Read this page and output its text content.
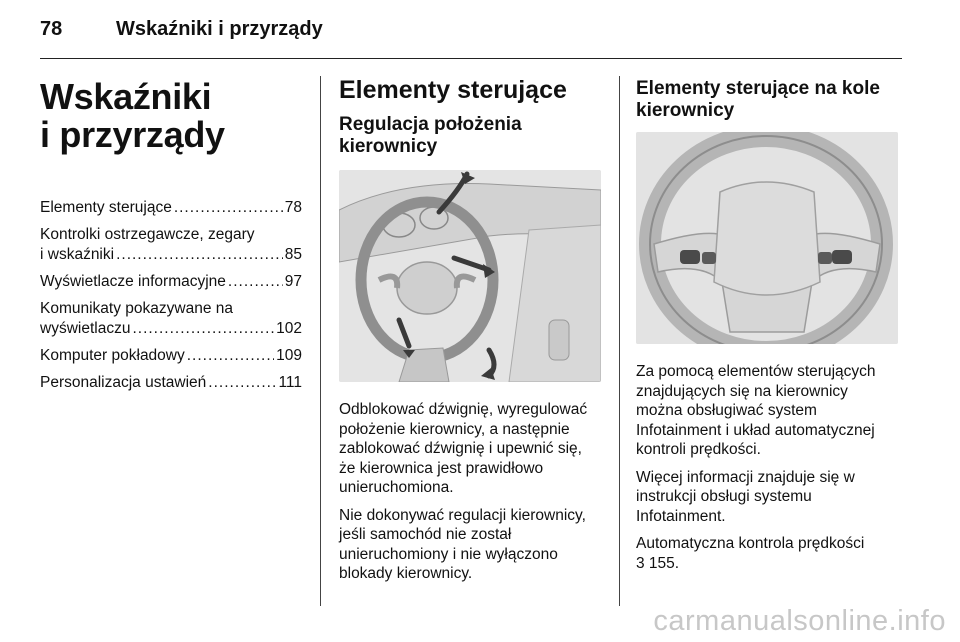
78	Wskaźniki i przyrządy
Wskaźniki
i przyrządy
Elementy sterujące .....	78
Kontrolki ostrzegawcze, zegary
i wskaźniki .....	85
Wyświetlacze informacyjne .....	97
Komunikaty pokazywane na
wyświetlaczu .....	102
Komputer pokładowy .....	109
Personalizacja ustawień .....	111
Elementy sterujące
Regulacja położenia
kierownicy

Odblokować dźwignię, wyregulować położenie kierownicy, a następnie zablokować dźwignię i upewnić się, że kierownica jest prawidłowo unieruchomiona.

Nie dokonywać regulacji kierownicy, jeśli samochód nie został unieruchomiony i nie wyłączono blokady kierownicy.

Elementy sterujące na kole
kierownicy

Za pomocą elementów sterujących znajdujących się na kierownicy można obsługiwać system Infotainment i układ automatycznej kontroli prędkości.

Więcej informacji znajduje się w instrukcji obsługi systemu Infotainment.

Automatyczna kontrola prędkości
3 155.

carmanualsonline.info
